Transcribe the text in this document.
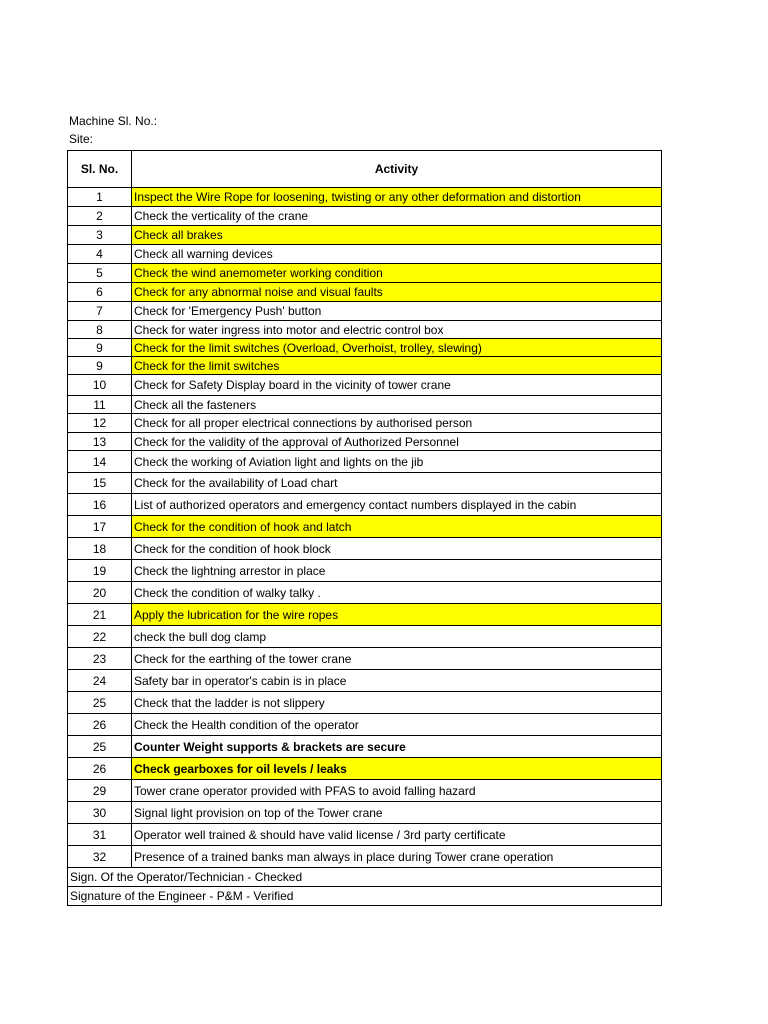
Machine Sl. No.:
Site:
Sl. No.	Activity
1	Inspect the Wire Rope for loosening, twisting or any other deformation and distortion
2	Check the verticality of the crane
3	Check all brakes
4	Check all warning devices
5	Check the wind anemometer working condition
6	Check for any abnormal noise and visual faults
7	Check for 'Emergency Push' button
8	Check for water ingress into motor and electric control box
9	Check for the limit switches (Overload, Overhoist, trolley, slewing)
9	Check for the limit switches
10	Check for Safety Display board in the vicinity of tower crane
11	Check all the fasteners
12	Check for all proper electrical connections by authorised person
13	Check for the validity of the approval of Authorized Personnel
14	Check the working of Aviation light and lights on the jib
15	Check for the availability of Load chart
16	List of authorized operators and emergency contact numbers displayed in the cabin
17	Check for the condition of hook and latch
18	Check for the condition of hook block
19	Check the lightning arrestor in place
20	Check the condition of walky talky .
21	Apply the lubrication for the wire ropes
22	check the bull dog clamp
23	Check for the earthing of the tower crane
24	Safety bar in operator's cabin is in place
25	Check that the ladder is not slippery
26	Check the Health condition of the operator
25	Counter Weight supports & brackets are secure
26	Check gearboxes for oil levels / leaks
29	Tower crane operator provided with PFAS to avoid falling hazard
30	Signal light provision on top of the Tower crane
31	Operator well trained & should have valid license / 3rd party certificate
32	Presence of a trained banks man always in place during Tower crane operation
Sign. Of the Operator/Technician - Checked	
Signature of the Engineer - P&M - Verified	
